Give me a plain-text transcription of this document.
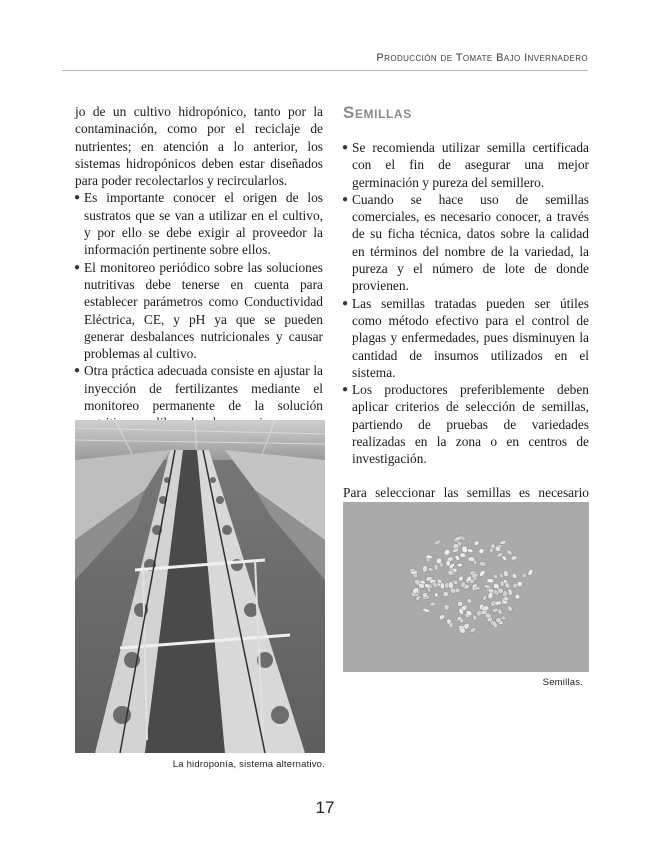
Producción de Tomate Bajo Invernadero

jo de un cultivo hidropónico, tanto por la contaminación, como por el reciclaje de nutrientes; en atención a lo anterior, los sistemas hidropónicos deben estar diseñados para poder recolectarlos y recircularlos.

● Es importante conocer el origen de los sustratos que se van a utilizar en el cultivo, y por ello se debe exigir al proveedor la información pertinente sobre ellos.
● El monitoreo periódico sobre las soluciones nutritivas debe tenerse en cuenta para establecer parámetros como Conductividad Eléctrica, CE, y pH ya que se pueden generar desbalances nutricionales y causar problemas al cultivo.
● Otra práctica adecuada consiste en ajustar la inyección de fertilizantes mediante el monitoreo permanente de la solución
Semillas
● Se recomienda utilizar semilla certificada con el fin de asegurar una mejor germinación y pureza del semillero.
● Cuando se hace uso de semillas comerciales, es necesario conocer, a través de su ficha técnica, datos sobre la calidad en términos del nombre de la variedad, la pureza y el número de lote de donde provienen.
● Las semillas tratadas pueden ser útiles como método efectivo para el control de plagas y enfermedades, pues disminuyen la cantidad de insumos utilizados en el sistema.
● Los productores preferiblemente deben aplicar criterios de selección de semillas, partiendo de pruebas de variedades realizadas en la zona o en centros de investigación.

Para seleccionar las semillas es necesario

La hidroponía, sistema alternativo.
Semillas.
17
